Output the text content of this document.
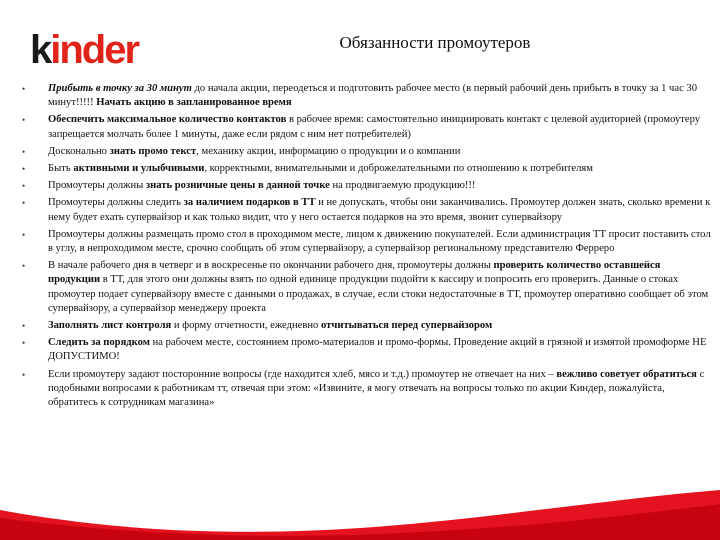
kinder	Обязанности промоутеров
• Прибыть в точку за 30 минут до начала акции, переодеться и подготовить рабочее место (в первый рабочий день прибыть в точку за 1 час 30 минут!!!!! Начать акцию в запланированное время
• Обеспечить максимальное количество контактов в рабочее время: самостоятельно инициировать контакт с целевой аудиторией (промоутеру запрещается молчать более 1 минуты, даже если рядом с ним нет потребителей)
• Досконально знать промо текст, механику акции, информацию о продукции и о компании
• Быть активными и улыбчивыми, корректными, внимательными и доброжелательными по отношению к потребителям
• Промоутеры должны знать розничные цены в данной точке на продвигаемую продукцию!!!
• Промоутеры должны следить за наличием подарков в ТТ и не допускать, чтобы они заканчивались. Промоутер должен знать, сколько времени к нему будет ехать супервайзор и как только видит, что у него остается подарков на это время, звонит супервайзору
• Промоутеры должны размещать промо стол в проходимом месте, лицом к движению покупателей. Если администрация ТТ просит поставить стол в углу, в непроходимом месте, срочно сообщать об этом супервайзору, а супервайзор региональному представителю Ферреро
• В начале рабочего дня в четверг и в воскресенье по окончании рабочего дня, промоутеры должны проверить количество оставшейся продукции в ТТ, для этого они должны взять по одной единице продукции подойти к кассиру и попросить его проверить. Данные о стоках промоутер подает супервайзору вместе с данными о продажах, в случае, если стоки недостаточные в ТТ, промоутер оперативно сообщает об этом супервайзору, а супервайзор менеджеру проекта
• Заполнять лист контроля и форму отчетности, ежедневно отчитываться перед супервайзором
• Следить за порядком на рабочем месте, состоянием промо-материалов и промо-формы. Проведение акций в грязной и измятой промоформе НЕ ДОПУСТИМО!
• Если промоутеру задают посторонние вопросы (где находится хлеб, мясо и т.д.) промоутер не отвечает на них – вежливо советует обратиться с подобными вопросами к работникам тт, отвечая при этом: «Извините, я могу отвечать на вопросы только по акции Киндер, пожалуйста, обратитесь к сотрудникам магазина»
